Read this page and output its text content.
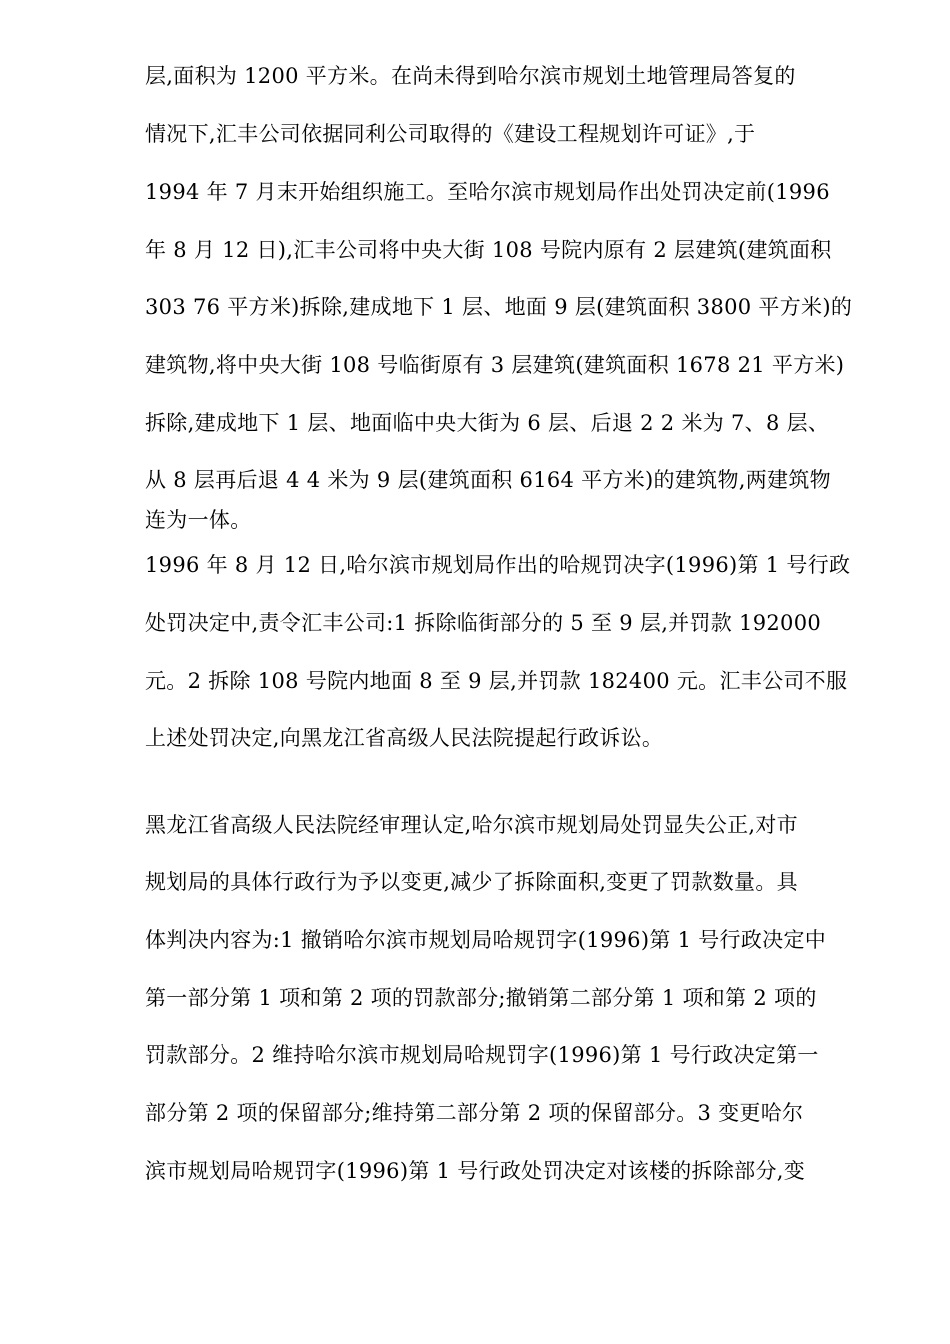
层,面积为 1200 平方米。在尚未得到哈尔滨市规划土地管理局答复的
情况下,汇丰公司依据同利公司取得的《建设工程规划许可证》,于
1994 年 7 月末开始组织施工。至哈尔滨市规划局作出处罚决定前(1996
年 8 月 12 日),汇丰公司将中央大街 108 号院内原有 2 层建筑(建筑面积
303 76 平方米)拆除,建成地下 1 层、地面 9 层(建筑面积 3800 平方米)的
建筑物,将中央大街 108 号临街原有 3 层建筑(建筑面积 1678 21 平方米)
拆除,建成地下 1 层、地面临中央大街为 6 层、后退 2 2 米为 7、8 层、
从 8 层再后退 4 4 米为 9 层(建筑面积 6164 平方米)的建筑物,两建筑物
连为一体。
1996 年 8 月 12 日,哈尔滨市规划局作出的哈规罚决字(1996)第 1 号行政
处罚决定中,责令汇丰公司:1 拆除临街部分的 5 至 9 层,并罚款 192000
元。2 拆除 108 号院内地面 8 至 9 层,并罚款 182400 元。汇丰公司不服
上述处罚决定,向黑龙江省高级人民法院提起行政诉讼。
黑龙江省高级人民法院经审理认定,哈尔滨市规划局处罚显失公正,对市
规划局的具体行政行为予以变更,减少了拆除面积,变更了罚款数量。具
体判决内容为:1 撤销哈尔滨市规划局哈规罚字(1996)第 1 号行政决定中
第一部分第 1 项和第 2 项的罚款部分;撤销第二部分第 1 项和第 2 项的
罚款部分。2 维持哈尔滨市规划局哈规罚字(1996)第 1 号行政决定第一
部分第 2 项的保留部分;维持第二部分第 2 项的保留部分。3 变更哈尔
滨市规划局哈规罚字(1996)第 1 号行政处罚决定对该楼的拆除部分,变
